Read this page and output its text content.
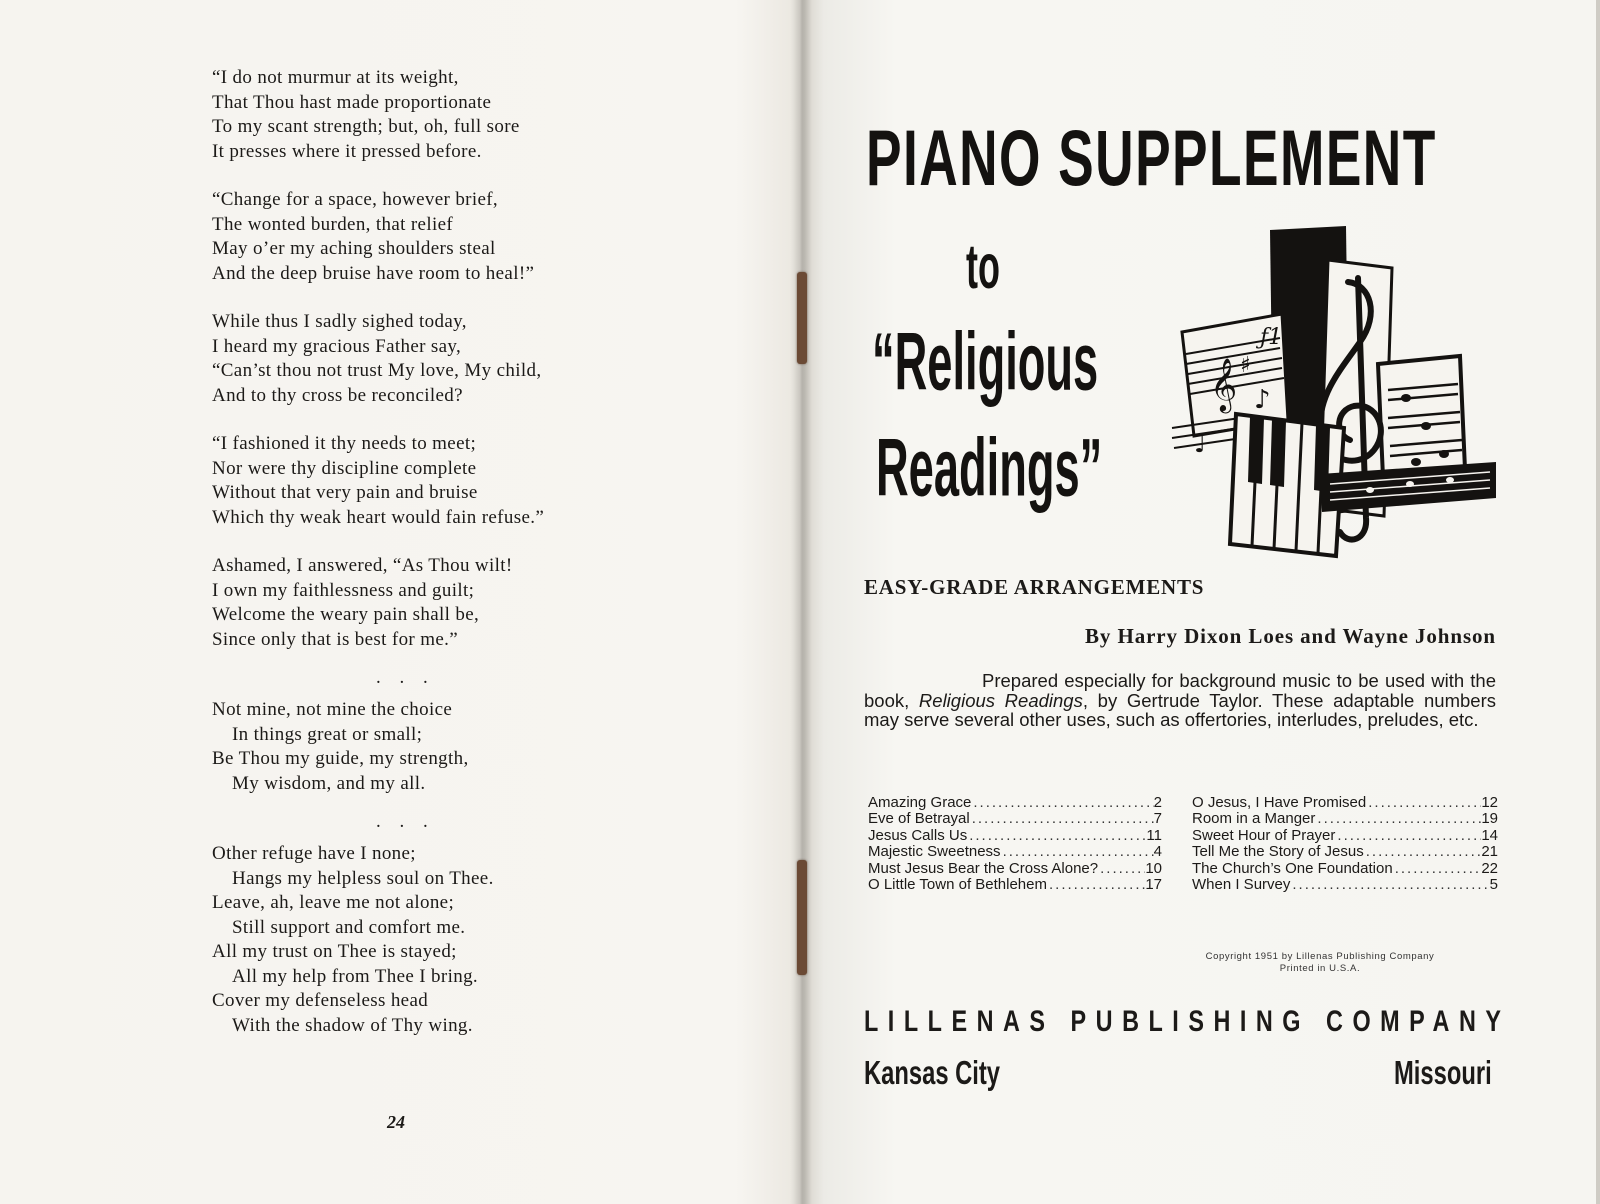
“I do not murmur at its weight,
That Thou hast made proportionate
To my scant strength; but, oh, full sore
It presses where it pressed before.
“Change for a space, however brief,
The wonted burden, that relief
May o’er my aching shoulders steal
And the deep bruise have room to heal!”
While thus I sadly sighed today,
I heard my gracious Father say,
“Can’st thou not trust My love, My child,
And to thy cross be reconciled?
“I fashioned it thy needs to meet;
Nor were thy discipline complete
Without that very pain and bruise
Which thy weak heart would fain refuse.”
Ashamed, I answered, “As Thou wilt!
I own my faithlessness and guilt;
Welcome the weary pain shall be,
Since only that is best for me.”
. . .
Not mine, not mine the choice
In things great or small;
Be Thou my guide, my strength,
My wisdom, and my all.
. . .
Other refuge have I none;
Hangs my helpless soul on Thee.
Leave, ah, leave me not alone;
Still support and comfort me.
All my trust on Thee is stayed;
All my help from Thee I bring.
Cover my defenseless head
With the shadow of Thy wing.
24
PIANO SUPPLEMENT
to
“Religious
Readings”
𝄞 ♯
♪
ƒ1
♩
EASY-GRADE ARRANGEMENTS
By Harry Dixon Loes and Wayne Johnson
Prepared especially for background music to be used with the book, Religious Readings, by Gertrude Taylor. These adaptable numbers may serve several other uses, such as offertories, interludes, preludes, etc.
Amazing Grace .....	2
Eve of Betrayal .....	7
Jesus Calls Us .....	11
Majestic Sweetness .....	4
Must Jesus Bear the Cross Alone? .....	10
O Little Town of Bethlehem .....	17
O Jesus, I Have Promised .....	12
Room in a Manger .....	19
Sweet Hour of Prayer .....	14
Tell Me the Story of Jesus .....	21
The Church’s One Foundation .....	22
When I Survey .....	5
Copyright 1951 by Lillenas Publishing Company
Printed in U.S.A.
LILLENAS PUBLISHING COMPANY
Kansas City	Missouri
